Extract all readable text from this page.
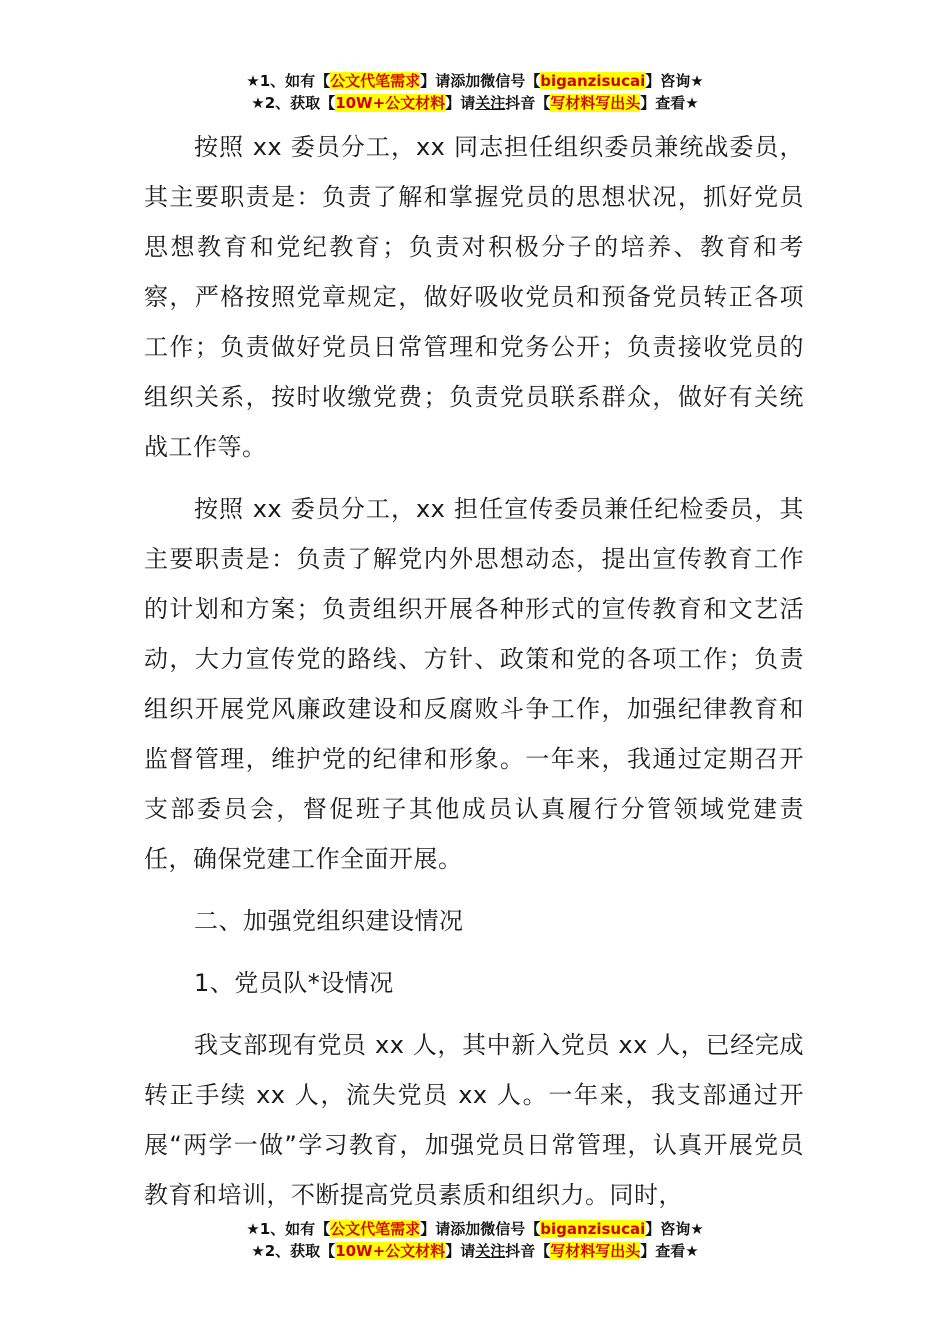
★1、如有【公文代笔需求】请添加微信号【biganzisucai】咨询★
★2、获取【10W+公文材料】请关注抖音【写材料写出头】查看★

按照 xx 委员分工，xx 同志担任组织委员兼统战委员，其主要职责是：负责了解和掌握党员的思想状况，抓好党员思想教育和党纪教育；负责对积极分子的培养、教育和考察，严格按照党章规定，做好吸收党员和预备党员转正各项工作；负责做好党员日常管理和党务公开；负责接收党员的组织关系，按时收缴党费；负责党员联系群众，做好有关统战工作等。

按照 xx 委员分工，xx 担任宣传委员兼任纪检委员，其主要职责是：负责了解党内外思想动态，提出宣传教育工作的计划和方案；负责组织开展各种形式的宣传教育和文艺活动，大力宣传党的路线、方针、政策和党的各项工作；负责组织开展党风廉政建设和反腐败斗争工作，加强纪律教育和监督管理，维护党的纪律和形象。一年来，我通过定期召开支部委员会，督促班子其他成员认真履行分管领域党建责任，确保党建工作全面开展。

二、加强党组织建设情况

1、党员队*设情况

我支部现有党员 xx 人，其中新入党员 xx 人，已经完成转正手续 xx 人，流失党员 xx 人。一年来，我支部通过开展“两学一做”学习教育，加强党员日常管理，认真开展党员教育和培训，不断提高党员素质和组织力。同时，

★1、如有【公文代笔需求】请添加微信号【biganzisucai】咨询★
★2、获取【10W+公文材料】请关注抖音【写材料写出头】查看★
